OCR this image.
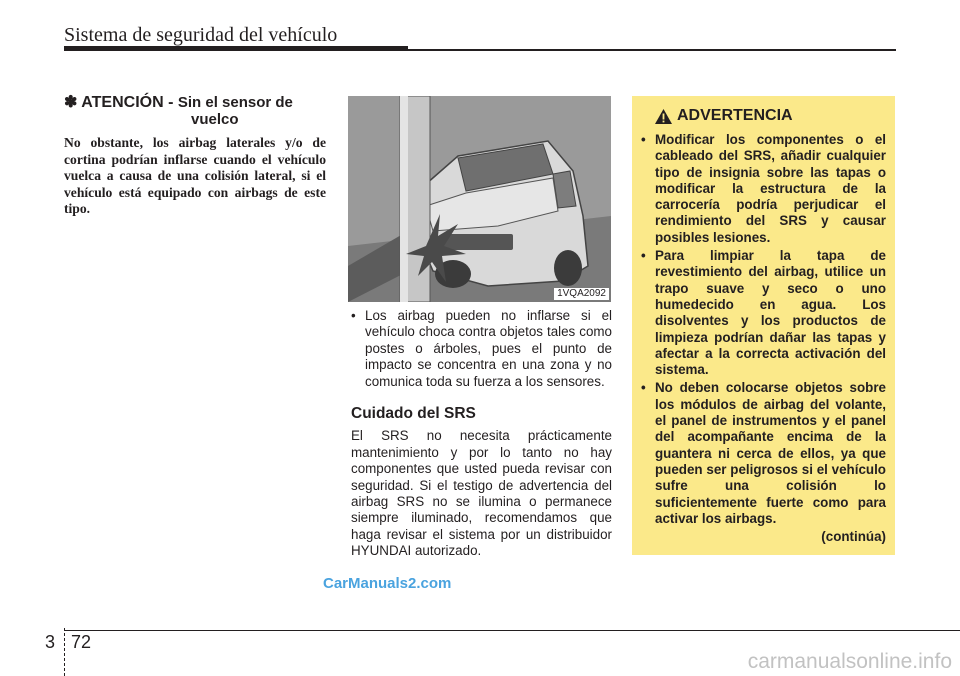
Sistema de seguridad del vehículo
✽ ATENCIÓN - Sin el sensor de
vuelco
No obstante, los airbag laterales y/o de cortina podrían inflarse cuando el vehículo vuelca a causa de una colisión lateral, si el vehículo está equipado con airbags de este tipo.
1VQA2092
• Los airbag pueden no inflarse si el vehículo choca contra objetos tales como postes o árboles, pues el punto de impacto se concentra en una zona y no comunica toda su fuerza a los sensores.
Cuidado del SRS
El SRS no necesita prácticamente mantenimiento y por lo tanto no hay componentes que usted pueda revisar con seguridad. Si el testigo de advertencia del airbag SRS no se ilumina o permanece siempre iluminado, recomendamos que haga revisar el sistema por un distribuidor HYUNDAI autorizado.
ADVERTENCIA
• Modificar los componentes o el cableado del SRS, añadir cualquier tipo de insignia sobre las tapas o modificar la estructura de la carrocería podría perjudicar el rendimiento del SRS y causar posibles lesiones.
• Para limpiar la tapa de revestimiento del airbag, utilice un trapo suave y seco o uno humedecido en agua. Los disolventes y los productos de limpieza podrían dañar las tapas y afectar a la correcta activación del sistema.
• No deben colocarse objetos sobre los módulos de airbag del volante, el panel de instrumentos y el panel del acompañante encima de la guantera ni cerca de ellos, ya que pueden ser peligrosos si el vehículo sufre una colisión lo suficientemente fuerte como para activar los airbags.
(continúa)
CarManuals2.com
3 72
carmanualsonline.info
